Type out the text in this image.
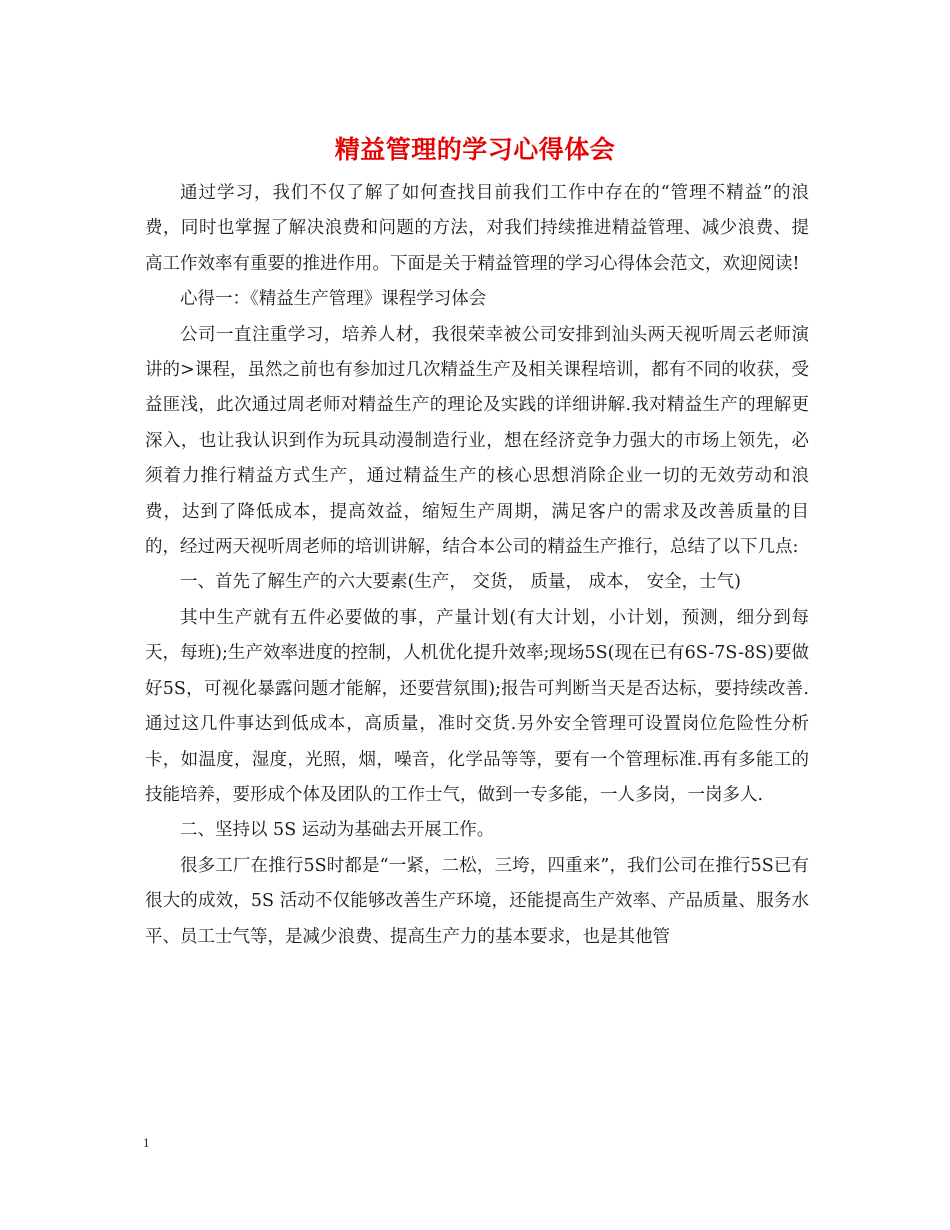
精益管理的学习心得体会

通过学习，我们不仅了解了如何查找目前我们工作中存在的“管理不精益”的浪费，同时也掌握了解决浪费和问题的方法，对我们持续推进精益管理、减少浪费、提高工作效率有重要的推进作用。下面是关于精益管理的学习心得体会范文，欢迎阅读!

心得一：《精益生产管理》课程学习体会

公司一直注重学习，培养人材，我很荣幸被公司安排到汕头两天视听周云老师演讲的>课程，虽然之前也有参加过几次精益生产及相关课程培训，都有不同的收获，受益匪浅，此次通过周老师对精益生产的理论及实践的详细讲解.我对精益生产的理解更深入，也让我认识到作为玩具动漫制造行业，想在经济竞争力强大的市场上领先，必须着力推行精益方式生产，通过精益生产的核心思想消除企业一切的无效劳动和浪费，达到了降低成本，提高效益，缩短生产周期，满足客户的需求及改善质量的目的，经过两天视听周老师的培训讲解，结合本公司的精益生产推行，总结了以下几点:

一、首先了解生产的六大要素(生产， 交货， 质量， 成本， 安全，士气)

其中生产就有五件必要做的事，产量计划(有大计划，小计划，预测，细分到每天，每班);生产效率进度的控制，人机优化提升效率;现场5S(现在已有6S-7S-8S)要做好5S，可视化暴露问题才能解，还要营氛围);报告可判断当天是否达标，要持续改善.通过这几件事达到低成本，高质量，准时交货.另外安全管理可设置岗位危险性分析卡，如温度，湿度，光照，烟，噪音，化学品等等，要有一个管理标准.再有多能工的技能培养，要形成个体及团队的工作士气，做到一专多能，一人多岗，一岗多人.

二、坚持以 5S 运动为基础去开展工作。

很多工厂在推行5S时都是“一紧，二松，三垮，四重来”，我们公司在推行5S已有很大的成效，5S 活动不仅能够改善生产环境，还能提高生产效率、产品质量、服务水平、员工士气等，是减少浪费、提高生产力的基本要求，也是其他管

1
